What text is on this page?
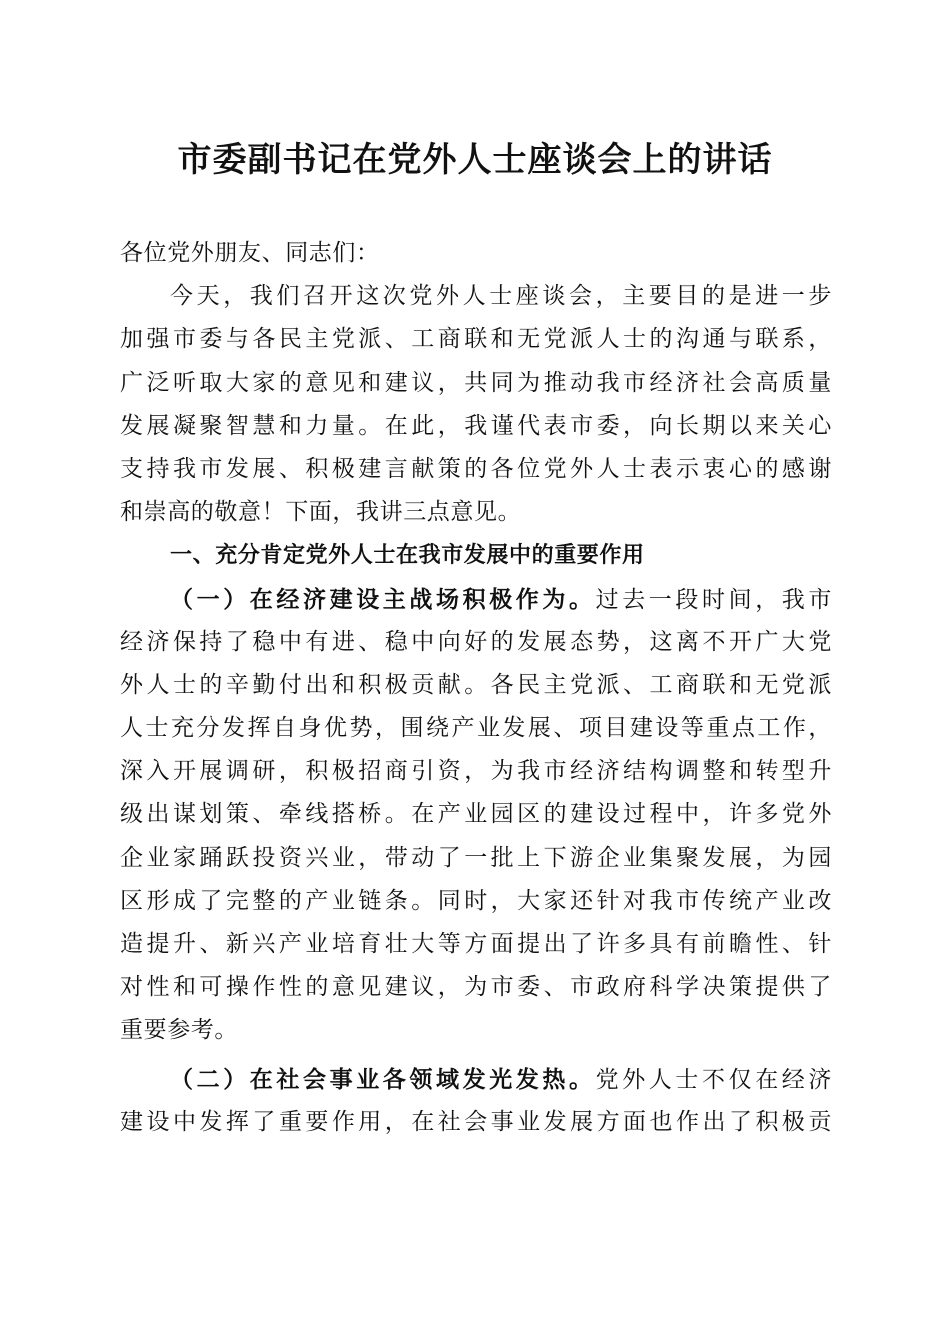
市委副书记在党外人士座谈会上的讲话
各位党外朋友、同志们：
今天，我们召开这次党外人士座谈会，主要目的是进一步
加强市委与各民主党派、工商联和无党派人士的沟通与联系，
广泛听取大家的意见和建议，共同为推动我市经济社会高质量
发展凝聚智慧和力量。在此，我谨代表市委，向长期以来关心
支持我市发展、积极建言献策的各位党外人士表示衷心的感谢
和崇高的敬意！下面，我讲三点意见。
一、充分肯定党外人士在我市发展中的重要作用
（一）在经济建设主战场积极作为。过去一段时间，我市
经济保持了稳中有进、稳中向好的发展态势，这离不开广大党
外人士的辛勤付出和积极贡献。各民主党派、工商联和无党派
人士充分发挥自身优势，围绕产业发展、项目建设等重点工作，
深入开展调研，积极招商引资，为我市经济结构调整和转型升
级出谋划策、牵线搭桥。在产业园区的建设过程中，许多党外
企业家踊跃投资兴业，带动了一批上下游企业集聚发展，为园
区形成了完整的产业链条。同时，大家还针对我市传统产业改
造提升、新兴产业培育壮大等方面提出了许多具有前瞻性、针
对性和可操作性的意见建议，为市委、市政府科学决策提供了
重要参考。
（二）在社会事业各领域发光发热。党外人士不仅在经济
建设中发挥了重要作用，在社会事业发展方面也作出了积极贡
